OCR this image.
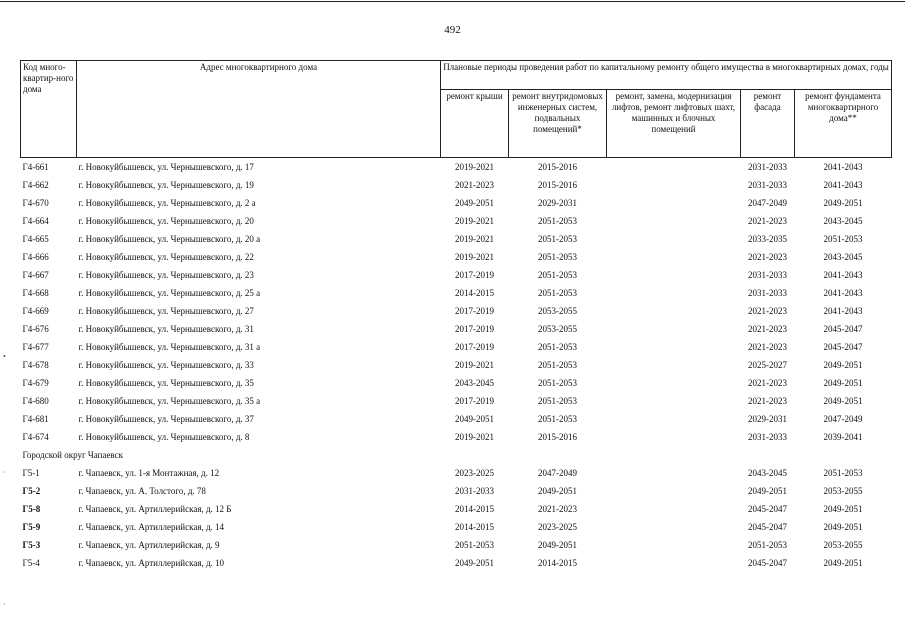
492
Код много-квартир-ного дома	Адрес многоквартирного дома	Плановые периоды проведения работ по капитальному ремонту общего имущества в многоквартирных домах, годы				
		ремонт крыши	ремонт внутридомовых инженерных систем, подвальных помещений*	ремонт, замена, модернизация лифтов, ремонт лифтовых шахт, машинных и блочных помещений	ремонт фасада	ремонт фундамента многоквартирного дома**
Г4-661	г. Новокуйбышевск, ул. Чернышевского, д. 17	2019-2021	2015-2016		2031-2033	2041-2043
Г4-662	г. Новокуйбышевск, ул. Чернышевского, д. 19	2021-2023	2015-2016		2031-2033	2041-2043
Г4-670	г. Новокуйбышевск, ул. Чернышевского, д. 2 а	2049-2051	2029-2031		2047-2049	2049-2051
Г4-664	г. Новокуйбышевск, ул. Чернышевского, д. 20	2019-2021	2051-2053		2021-2023	2043-2045
Г4-665	г. Новокуйбышевск, ул. Чернышевского, д. 20 а	2019-2021	2051-2053		2033-2035	2051-2053
Г4-666	г. Новокуйбышевск, ул. Чернышевского, д. 22	2019-2021	2051-2053		2021-2023	2043-2045
Г4-667	г. Новокуйбышевск, ул. Чернышевского, д. 23	2017-2019	2051-2053		2031-2033	2041-2043
Г4-668	г. Новокуйбышевск, ул. Чернышевского, д. 25 а	2014-2015	2051-2053		2031-2033	2041-2043
Г4-669	г. Новокуйбышевск, ул. Чернышевского, д. 27	2017-2019	2053-2055		2021-2023	2041-2043
Г4-676	г. Новокуйбышевск, ул. Чернышевского, д. 31	2017-2019	2053-2055		2021-2023	2045-2047
Г4-677	г. Новокуйбышевск, ул. Чернышевского, д. 31 а	2017-2019	2051-2053		2021-2023	2045-2047
Г4-678	г. Новокуйбышевск, ул. Чернышевского, д. 33	2019-2021	2051-2053		2025-2027	2049-2051
Г4-679	г. Новокуйбышевск, ул. Чернышевского, д. 35	2043-2045	2051-2053		2021-2023	2049-2051
Г4-680	г. Новокуйбышевск, ул. Чернышевского, д. 35 а	2017-2019	2051-2053		2021-2023	2049-2051
Г4-681	г. Новокуйбышевск, ул. Чернышевского, д. 37	2049-2051	2051-2053		2029-2031	2047-2049
Г4-674	г. Новокуйбышевск, ул. Чернышевского, д. 8	2019-2021	2015-2016		2031-2033	2039-2041
Городской округ Чапаевск						
Г5-1	г. Чапаевск, ул. 1-я Монтажная, д. 12	2023-2025	2047-2049		2043-2045	2051-2053
Г5-2	г. Чапаевск, ул. А. Толстого, д. 78	2031-2033	2049-2051		2049-2051	2053-2055
Г5-8	г. Чапаевск, ул. Артиллерийская, д. 12 Б	2014-2015	2021-2023		2045-2047	2049-2051
Г5-9	г. Чапаевск, ул. Артиллерийская, д. 14	2014-2015	2023-2025		2045-2047	2049-2051
Г5-3	г. Чапаевск, ул. Артиллерийская, д. 9	2051-2053	2049-2051		2051-2053	2053-2055
Г5-4	г. Чапаевск, ул. Артиллерийская, д. 10	2049-2051	2014-2015		2045-2047	2049-2051
•
·
·
